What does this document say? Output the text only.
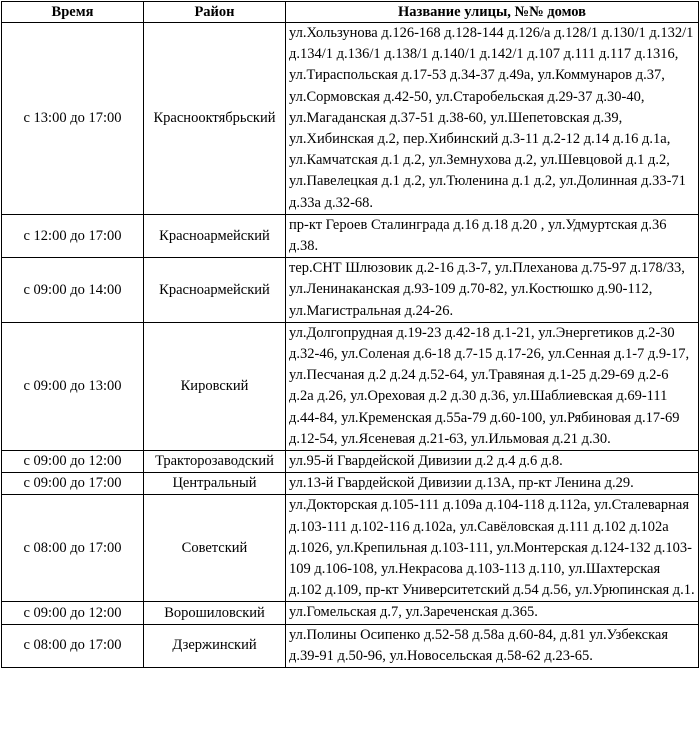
Время	Район	Название улицы, №№ домов
с 13:00 до 17:00	Краснооктябрьский	ул.Хользунова д.126-168 д.128-144 д.126/а д.128/1 д.130/1 д.132/1 д.134/1 д.136/1 д.138/1 д.140/1 д.142/1 д.107 д.111 д.117 д.1316, ул.Тираспольская д.17-53 д.34-37 д.49а, ул.Коммунаров д.37, ул.Сормовская д.42-50, ул.Старобельская д.29-37 д.30-40, ул.Магаданская д.37-51 д.38-60, ул.Шепетовская д.39, ул.Хибинская д.2, пер.Хибинский д.3-11 д.2-12 д.14 д.16 д.1а, ул.Камчатская д.1 д.2, ул.Земнухова д.2, ул.Шевцовой д.1 д.2, ул.Павелецкая д.1 д.2, ул.Тюленина д.1 д.2, ул.Долинная д.33-71 д.33а д.32-68.
с 12:00 до 17:00	Красноармейский	пр-кт Героев Сталинграда д.16 д.18 д.20 , ул.Удмуртская д.36 д.38.
с 09:00 до 14:00	Красноармейский	тер.СНТ Шлюзовик д.2-16 д.3-7, ул.Плеханова д.75-97 д.178/33, ул.Ленинаканская д.93-109 д.70-82, ул.Костюшко д.90-112, ул.Магистральная д.24-26.
с 09:00 до 13:00	Кировский	ул.Долгопрудная д.19-23 д.42-18 д.1-21, ул.Энергетиков д.2-30 д.32-46, ул.Соленая д.6-18 д.7-15 д.17-26, ул.Сенная д.1-7 д.9-17, ул.Песчаная д.2 д.24 д.52-64, ул.Травяная д.1-25 д.29-69 д.2-6 д.2а д.26, ул.Ореховая д.2 д.30 д.36, ул.Шаблиевская д.69-111 д.44-84, ул.Кременская д.55а-79 д.60-100, ул.Рябиновая д.17-69 д.12-54, ул.Ясеневая д.21-63, ул.Ильмовая д.21 д.30.
с 09:00 до 12:00	Тракторозаводский	ул.95-й Гвардейской Дивизии д.2 д.4 д.6 д.8.
с 09:00 до 17:00	Центральный	ул.13-й Гвардейской Дивизии д.13А, пр-кт Ленина д.29.
с 08:00 до 17:00	Советский	ул.Докторская д.105-111 д.109а д.104-118 д.112а, ул.Сталеварная д.103-111 д.102-116 д.102а, ул.Савёловская д.111 д.102 д.102а д.1026, ул.Крепильная д.103-111, ул.Монтерская д.124-132 д.103-109 д.106-108, ул.Некрасова д.103-113 д.110, ул.Шахтерская д.102 д.109, пр-кт Университетский д.54 д.56, ул.Урюпинская д.1.
с 09:00 до 12:00	Ворошиловский	ул.Гомельская д.7, ул.Зареченская д.365.
с 08:00 до 17:00	Дзержинский	ул.Полины Осипенко д.52-58 д.58а д.60-84, д.81 ул.Узбекская д.39-91 д.50-96, ул.Новосельская д.58-62 д.23-65.
